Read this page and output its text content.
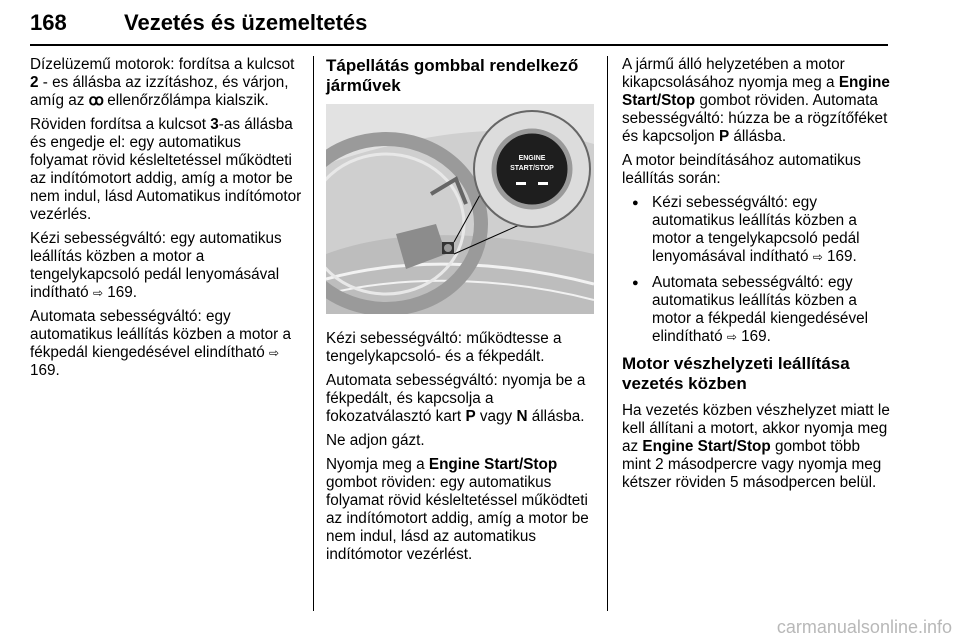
168	Vezetés és üzemeltetés

Dízelüzemű motorok: fordítsa a kulcsot 2 - es állásba az izzításhoz, és várjon, amíg az ꝏ ellenőrzőlámpa kialszik.

Röviden fordítsa a kulcsot 3-as állásba és engedje el: egy automatikus folyamat rövid késleltetéssel működteti az indítómotort addig, amíg a motor be nem indul, lásd Automatikus indítómotor vezérlés.

Kézi sebességváltó: egy automatikus leállítás közben a motor a tengelykapcsoló pedál lenyomásával indítható ⇨ 169.

Automata sebességváltó: egy automatikus leállítás közben a motor a fékpedál kiengedésével elindítható ⇨ 169.

Tápellátás gombbal rendelkező járművek
ENGINE
START/STOP

Kézi sebességváltó: működtesse a tengelykapcsoló- és a fékpedált.

Automata sebességváltó: nyomja be a fékpedált, és kapcsolja a fokozatválasztó kart P vagy N állásba.

Ne adjon gázt.

Nyomja meg a Engine Start/Stop gombot röviden: egy automatikus folyamat rövid késleltetéssel működteti az indítómotort addig, amíg a motor be nem indul, lásd az automatikus indítómotor vezérlést.

A jármű álló helyzetében a motor kikapcsolásához nyomja meg a Engine Start/Stop gombot röviden. Automata sebességváltó: húzza be a rögzítőféket és kapcsoljon P állásba.

A motor beindításához automatikus leállítás során:

● Kézi sebességváltó: egy automatikus leállítás közben a motor a tengelykapcsoló pedál lenyomásával indítható ⇨ 169.
● Automata sebességváltó: egy automatikus leállítás közben a motor a fékpedál kiengedésével elindítható ⇨ 169.
Motor vészhelyzeti leállítása vezetés közben

Ha vezetés közben vészhelyzet miatt le kell állítani a motort, akkor nyomja meg az Engine Start/Stop gombot több mint 2 másodpercre vagy nyomja meg kétszer röviden 5 másodpercen belül.

carmanualsonline.info
